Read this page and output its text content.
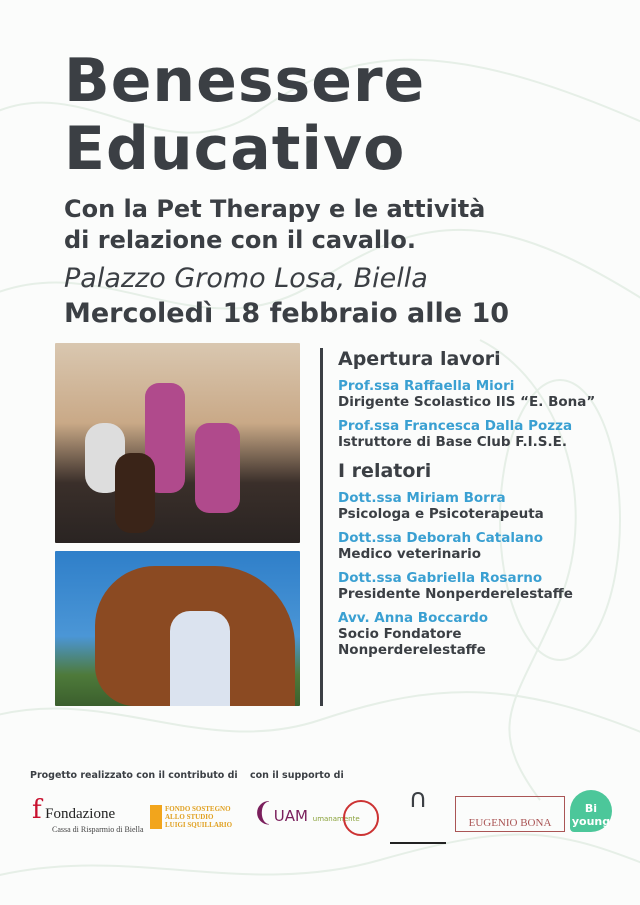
Benessere
Educativo
Con la Pet Therapy e le attività
di relazione con il cavallo.
Palazzo Gromo Losa, Biella
Mercoledì 18 febbraio alle 10
Apertura lavori
Prof.ssa Raffaella Miori
Dirigente Scolastico IIS “E. Bona”
Prof.ssa Francesca Dalla Pozza
Istruttore di Base Club F.I.S.E.
I relatori
Dott.ssa Miriam Borra
Psicologa e Psicoterapeuta
Dott.ssa Deborah Catalano
Medico veterinario
Dott.ssa Gabriella Rosarno
Presidente Nonperderelestaffe
Avv. Anna Boccardo
Socio Fondatore Nonperderelestaffe
Progetto realizzato con il contributo di con il supporto di
f Fondazione
Cassa di Risparmio di Biella
FONDO SOSTEGNO ALLO STUDIO LUIGI SQUILLARIO ❨UAM umanamente
∩
EUGENIO BONA
Bi young
